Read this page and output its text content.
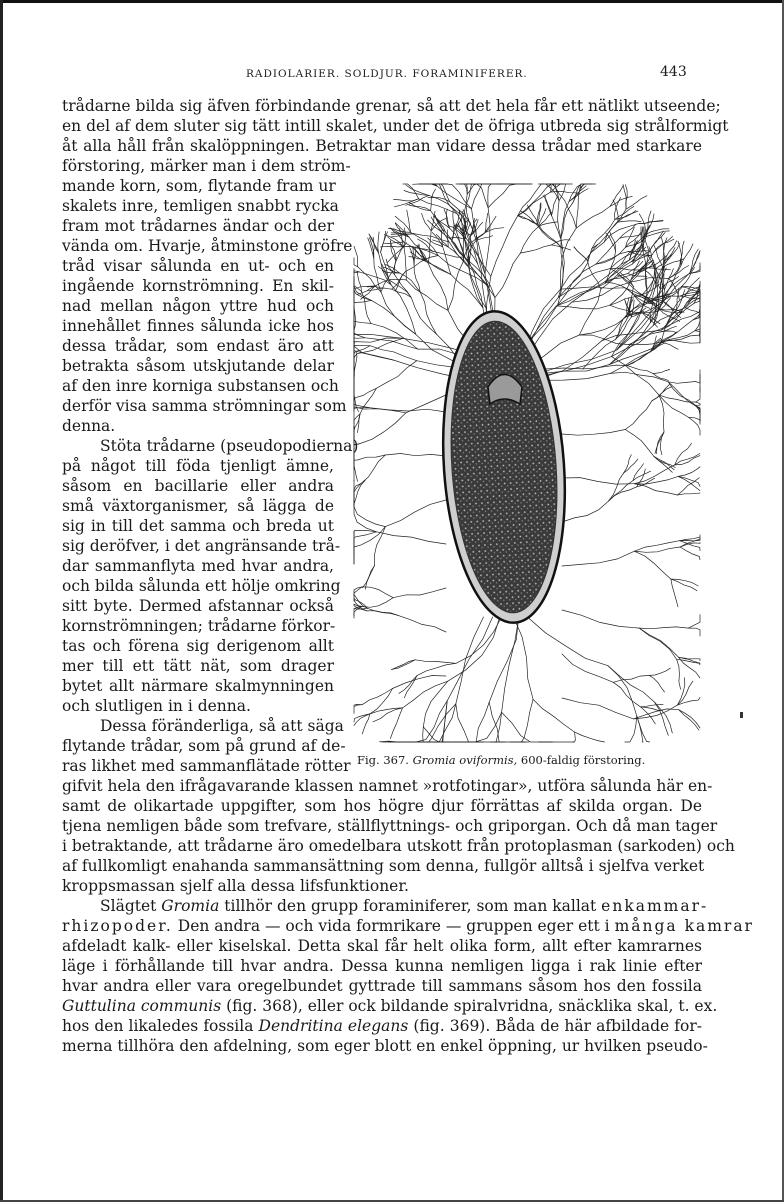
RADIOLARIER. SOLDJUR. FORAMINIFERER.	443
trådarne bilda sig äfven förbindande grenar, så att det hela får ett nätlikt utseende;
en del af dem sluter sig tätt intill skalet, under det de öfriga utbreda sig strålformigt
åt alla håll från skalöppningen. Betraktar man vidare dessa trådar med starkare
förstoring, märker man i dem ström-
mande korn, som, flytande fram ur
skalets inre, temligen snabbt rycka
fram mot trådarnes ändar och der
vända om. Hvarje, åtminstone gröfre
tråd visar sålunda en ut- och en
ingående kornströmning. En skil-
nad mellan någon yttre hud och
innehållet finnes sålunda icke hos
dessa trådar, som endast äro att
betrakta såsom utskjutande delar
af den inre korniga substansen och
derför visa samma strömningar som
denna.
Stöta trådarne (pseudopodierna)
på något till föda tjenligt ämne,
såsom en bacillarie eller andra
små växtorganismer, så lägga de
sig in till det samma och breda ut
sig deröfver, i det angränsande trå-
dar sammanflyta med hvar andra,
och bilda sålunda ett hölje omkring
sitt byte. Dermed afstannar också
kornströmningen; trådarne förkor-
tas och förena sig derigenom allt
mer till ett tätt nät, som drager
bytet allt närmare skalmynningen
och slutligen in i denna.
Dessa föränderliga, så att säga
flytande trådar, som på grund af de-
ras likhet med sammanflätade rötter Fig. 367. Gromia oviformis, 600-faldig förstoring.
gifvit hela den ifrågavarande klassen namnet »rotfotingar», utföra sålunda här en-
samt de olikartade uppgifter, som hos högre djur förrättas af skilda organ. De
tjena nemligen både som trefvare, ställflyttnings- och griporgan. Och då man tager
i betraktande, att trådarne äro omedelbara utskott från protoplasman (sarkoden) och
af fullkomligt enahanda sammansättning som denna, fullgör alltså i sjelfva verket
kroppsmassan sjelf alla dessa lifsfunktioner.
Slägtet Gromia tillhör den grupp foraminiferer, som man kallat enkammar-
rhizopoder. Den andra — och vida formrikare — gruppen eger ett i många kamrar
afdeladt kalk- eller kiselskal. Detta skal får helt olika form, allt efter kamrarnes
läge i förhållande till hvar andra. Dessa kunna nemligen ligga i rak linie efter
hvar andra eller vara oregelbundet gyttrade till sammans såsom hos den fossila
Guttulina communis (fig. 368), eller ock bildande spiralvridna, snäcklika skal, t. ex.
hos den likaledes fossila Dendritina elegans (fig. 369). Båda de här afbildade for-
merna tillhöra den afdelning, som eger blott en enkel öppning, ur hvilken pseudo-
